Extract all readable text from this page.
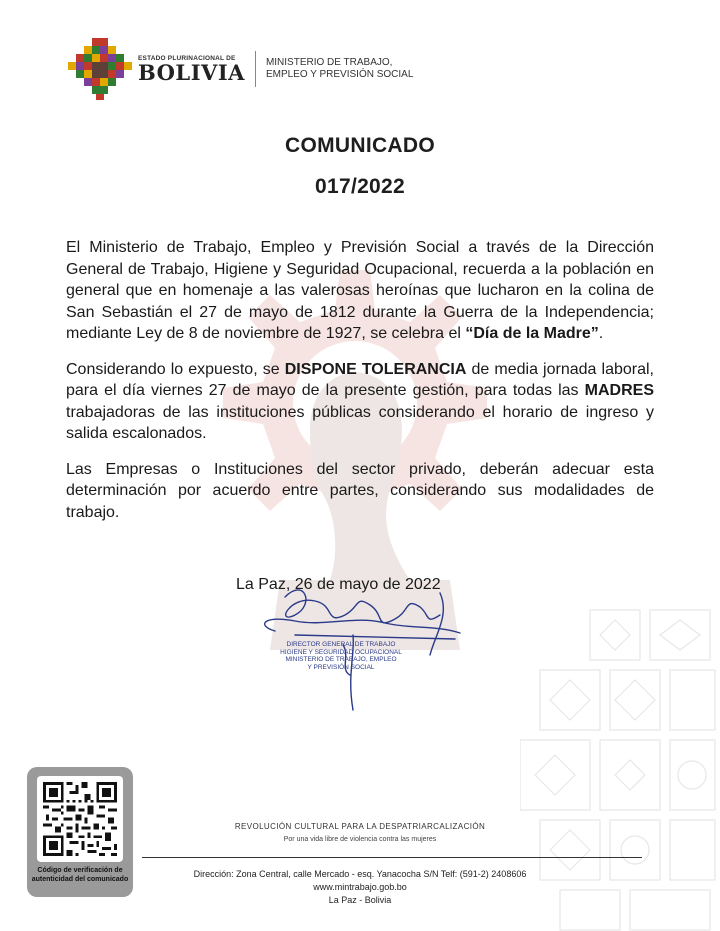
ESTADO PLURINACIONAL DE
BOLIVIA MINISTERIO DE TRABAJO,
EMPLEO Y PREVISIÓN SOCIAL
COMUNICADO
017/2022

El Ministerio de Trabajo, Empleo y Previsión Social a través de la Dirección General de Trabajo, Higiene y Seguridad Ocupacional, recuerda a la población en general que en homenaje a las valerosas heroínas que lucharon en la colina de San Sebastián el 27 de mayo de 1812 durante la Guerra de la Independencia; mediante Ley de 8 de noviembre de 1927, se celebra el “Día de la Madre”.

Considerando lo expuesto, se DISPONE TOLERANCIA de media jornada laboral, para el día viernes 27 de mayo de la presente gestión, para todas las MADRES trabajadoras de las instituciones públicas considerando el horario de ingreso y salida escalonados.

Las Empresas o Instituciones del sector privado, deberán adecuar esta determinación por acuerdo entre partes, considerando sus modalidades de trabajo.

La Paz, 26 de mayo de 2022
DIRECTOR GENERAL DE TRABAJO
HIGIENE Y SEGURIDAD OCUPACIONAL
MINISTERIO DE TRABAJO, EMPLEO
Y PREVISIÓN SOCIAL
Código de verificación de
autenticidad del comunicado
REVOLUCIÓN CULTURAL PARA LA DESPATRIARCALIZACIÓN
Por una vida libre de violencia contra las mujeres
Dirección: Zona Central, calle Mercado - esq. Yanacocha S/N Telf: (591-2) 2408606
www.mintrabajo.gob.bo
La Paz - Bolivia
